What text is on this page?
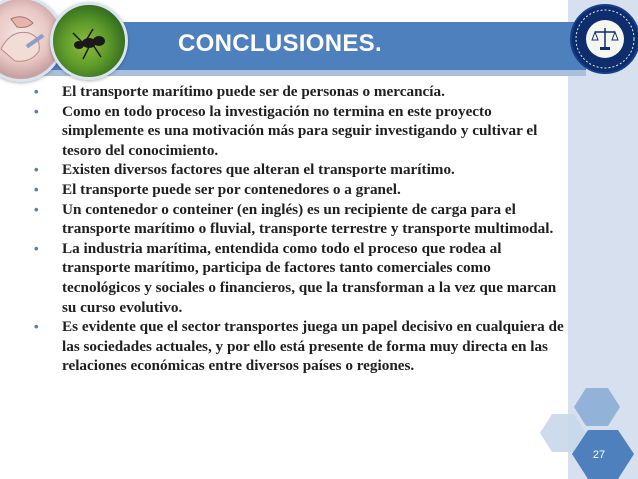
CONCLUSIONES.
• El transporte marítimo puede ser de personas o mercancía.
• Como en todo proceso la investigación no termina en este proyecto simplemente es una motivación más para seguir investigando y cultivar el tesoro del conocimiento.
• Existen diversos factores que alteran el transporte marítimo.
• El transporte puede ser por contenedores o a granel.
• Un contenedor o conteiner (en inglés) es un recipiente de carga para el transporte marítimo o fluvial, transporte terrestre y transporte multimodal.
• La industria marítima, entendida como todo el proceso que rodea al transporte marítimo, participa de factores tanto comerciales como tecnológicos y sociales o financieros, que la transforman a la vez que marcan su curso evolutivo.
• Es evidente que el sector transportes juega un papel decisivo en cualquiera de las sociedades actuales, y por ello está presente de forma muy directa en las relaciones económicas entre diversos países o regiones.
27
